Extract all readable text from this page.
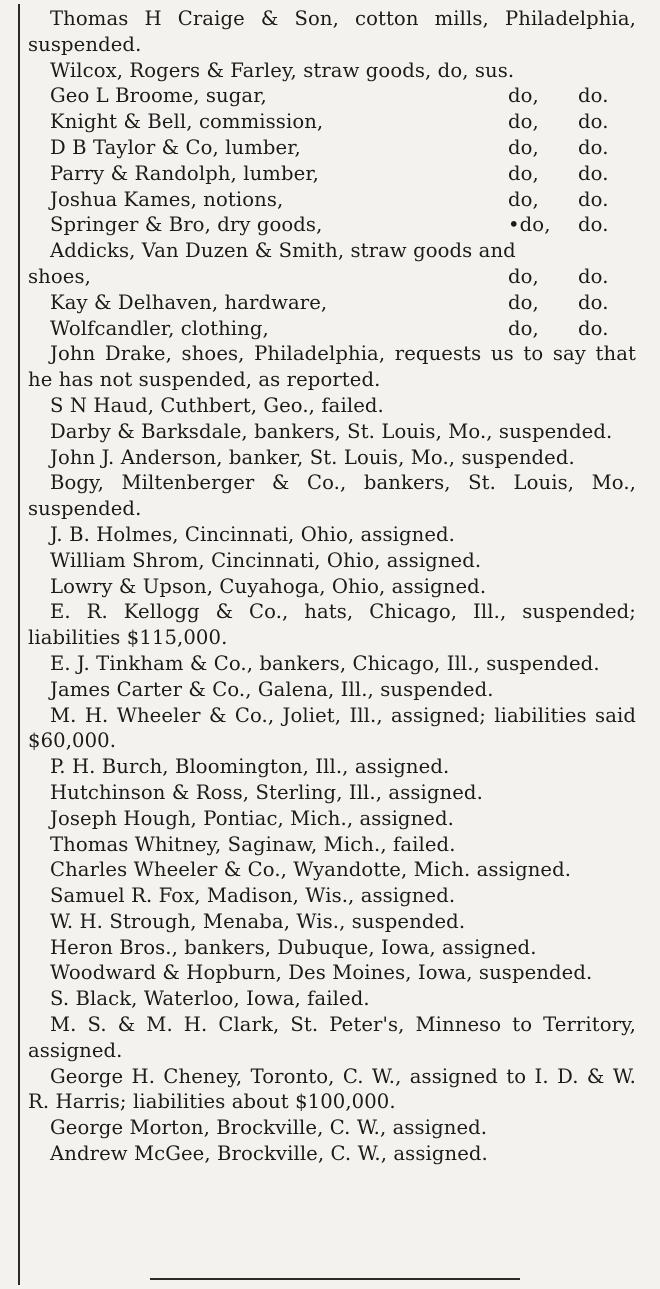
Thomas H Craige & Son, cotton mills, Philadelphia, suspended.

Wilcox, Rogers & Farley, straw goods, do, sus.

Geo L Broome, sugar,	do,	do.
Knight & Bell, commission,	do,	do.
D B Taylor & Co, lumber,	do,	do.
Parry & Randolph, lumber,	do,	do.
Joshua Kames, notions,	do,	do.
Springer & Bro, dry goods,	•do,	do.

Addicks, Van Duzen & Smith, straw goods and

shoes,	do,	do.
Kay & Delhaven, hardware,	do,	do.
Wolfcandler, clothing,	do,	do.

John Drake, shoes, Philadelphia, requests us to say that he has not suspended, as reported.

S N Haud, Cuthbert, Geo., failed.

Darby & Barksdale, bankers, St. Louis, Mo., suspended.

John J. Anderson, banker, St. Louis, Mo., suspended.

Bogy, Miltenberger & Co., bankers, St. Louis, Mo., suspended.

J. B. Holmes, Cincinnati, Ohio, assigned.

William Shrom, Cincinnati, Ohio, assigned.

Lowry & Upson, Cuyahoga, Ohio, assigned.

E. R. Kellogg & Co., hats, Chicago, Ill., suspended; liabilities $115,000.

E. J. Tinkham & Co., bankers, Chicago, Ill., suspended.

James Carter & Co., Galena, Ill., suspended.

M. H. Wheeler & Co., Joliet, Ill., assigned; liabilities said $60,000.

P. H. Burch, Bloomington, Ill., assigned.

Hutchinson & Ross, Sterling, Ill., assigned.

Joseph Hough, Pontiac, Mich., assigned.

Thomas Whitney, Saginaw, Mich., failed.

Charles Wheeler & Co., Wyandotte, Mich. assigned.

Samuel R. Fox, Madison, Wis., assigned.

W. H. Strough, Menaba, Wis., suspended.

Heron Bros., bankers, Dubuque, Iowa, assigned.

Woodward & Hopburn, Des Moines, Iowa, suspended.

S. Black, Waterloo, Iowa, failed.

M. S. & M. H. Clark, St. Peter's, Minneso to Territory, assigned.

George H. Cheney, Toronto, C. W., assigned to I. D. & W. R. Harris; liabilities about $100,000.

George Morton, Brockville, C. W., assigned.

Andrew McGee, Brockville, C. W., assigned.
